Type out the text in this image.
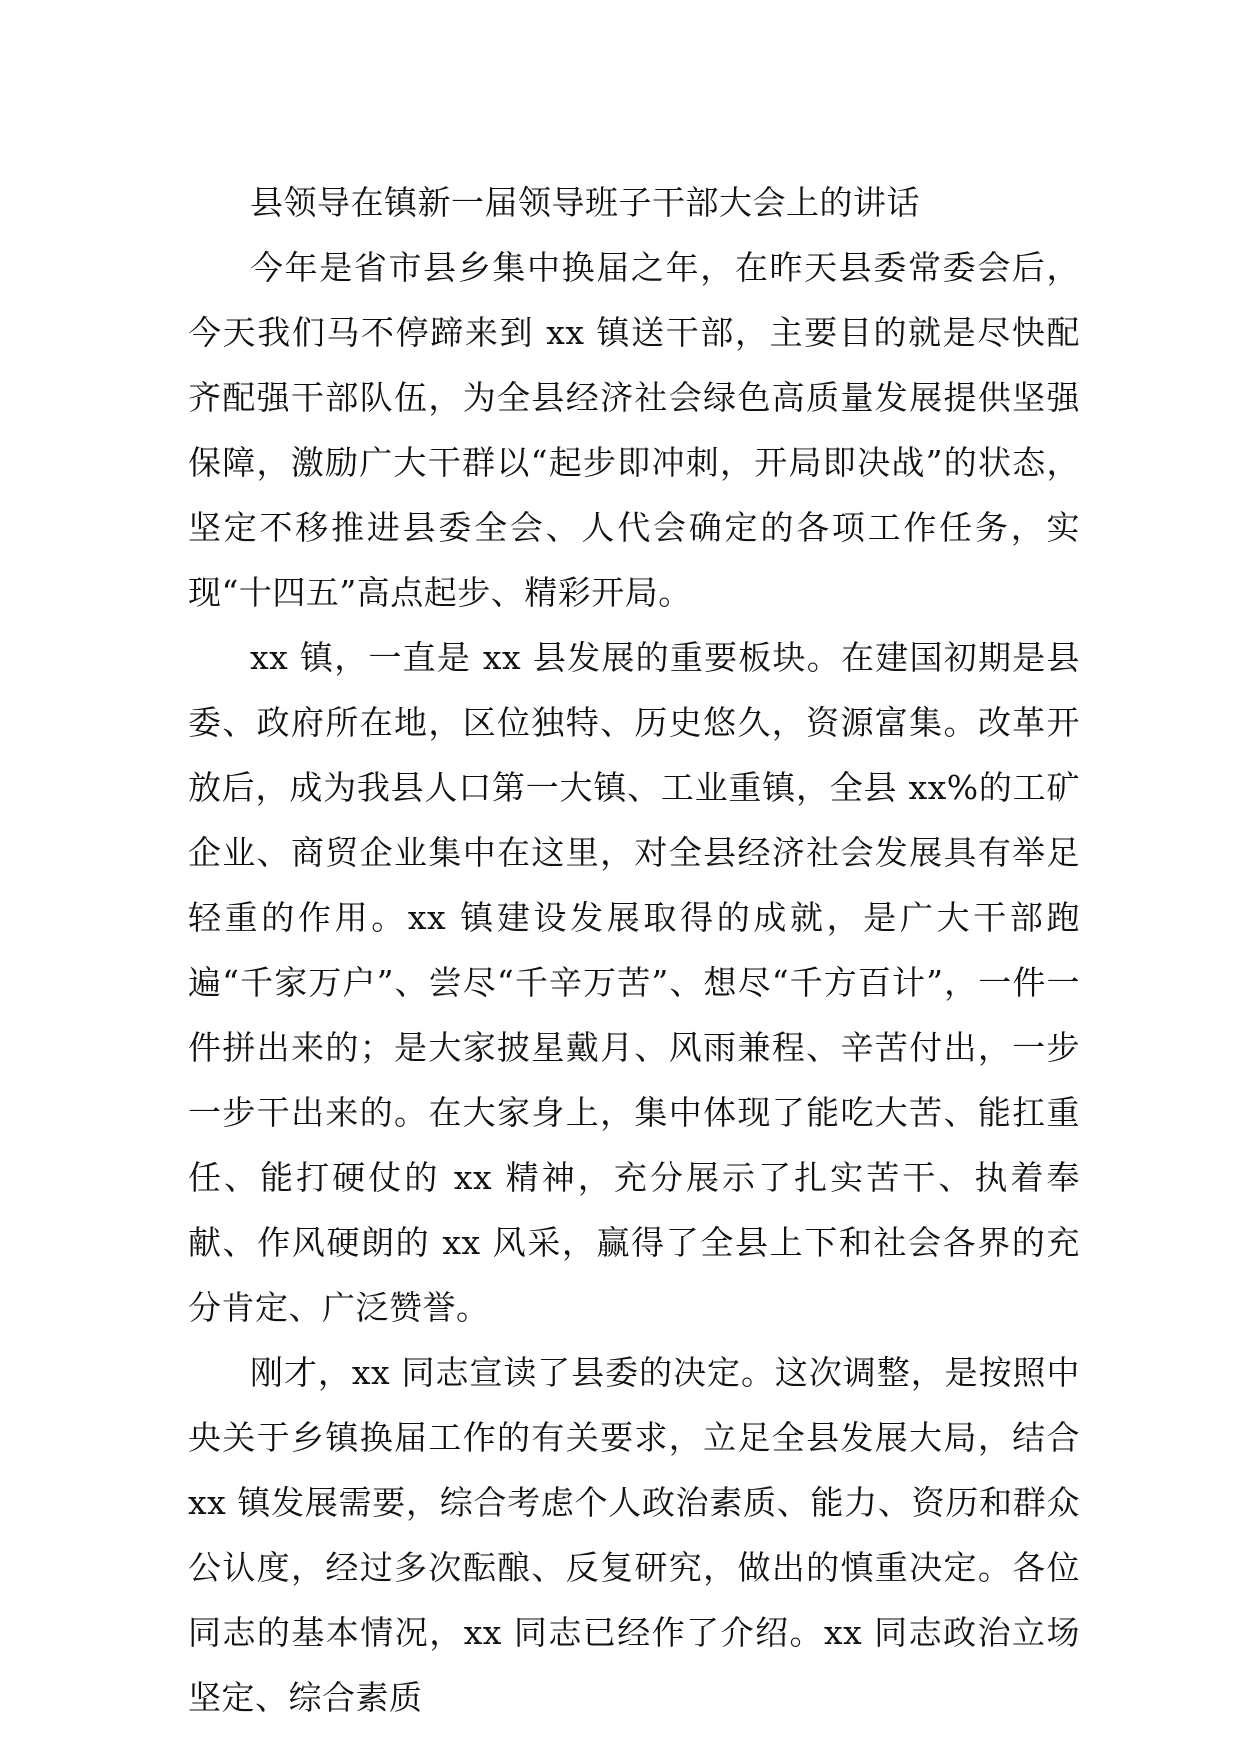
县领导在镇新一届领导班子干部大会上的讲话

今年是省市县乡集中换届之年，在昨天县委常委会后，今天我们马不停蹄来到 xx 镇送干部，主要目的就是尽快配齐配强干部队伍，为全县经济社会绿色高质量发展提供坚强保障，激励广大干群以“起步即冲刺，开局即决战”的状态，坚定不移推进县委全会、人代会确定的各项工作任务，实现“十四五”高点起步、精彩开局。

xx 镇，一直是 xx 县发展的重要板块。在建国初期是县委、政府所在地，区位独特、历史悠久，资源富集。改革开放后，成为我县人口第一大镇、工业重镇，全县 xx%的工矿企业、商贸企业集中在这里，对全县经济社会发展具有举足轻重的作用。xx 镇建设发展取得的成就，是广大干部跑遍“千家万户”、尝尽“千辛万苦”、想尽“千方百计”，一件一件拼出来的；是大家披星戴月、风雨兼程、辛苦付出，一步一步干出来的。在大家身上，集中体现了能吃大苦、能扛重任、能打硬仗的 xx 精神，充分展示了扎实苦干、执着奉献、作风硬朗的 xx 风采，赢得了全县上下和社会各界的充分肯定、广泛赞誉。

刚才，xx 同志宣读了县委的决定。这次调整，是按照中央关于乡镇换届工作的有关要求，立足全县发展大局，结合 xx 镇发展需要，综合考虑个人政治素质、能力、资历和群众公认度，经过多次酝酿、反复研究，做出的慎重决定。各位同志的基本情况，xx 同志已经作了介绍。xx 同志政治立场坚定、综合素质
